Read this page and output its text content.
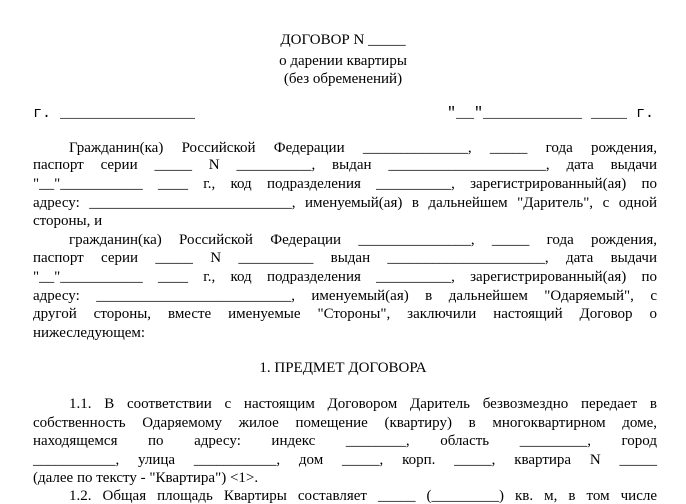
ДОГОВОР N _____
о дарении квартиры
(без обременений)
г. _______________	"__"___________ ____ г.
Гражданин(ка) Российской Федерации ______________, _____ года рождения,
паспорт серии _____ N __________, выдан _____________________, дата выдачи
"__"___________ ____ г., код подразделения __________, зарегистрированный(ая) по
адресу: ___________________________, именуемый(ая) в дальнейшем "Даритель", с одной
стороны, и
гражданин(ка) Российской Федерации _______________, _____ года рождения,
паспорт серии _____ N __________ выдан _____________________, дата выдачи
"__"___________ ____ г., код подразделения __________, зарегистрированный(ая) по
адресу: __________________________, именуемый(ая) в дальнейшем "Одаряемый", с
другой стороны, вместе именуемые "Стороны", заключили настоящий Договор о
нижеследующем:
1. ПРЕДМЕТ ДОГОВОРА
1.1. В соответствии с настоящим Договором Даритель безвозмездно передает в
собственность Одаряемому жилое помещение (квартиру) в многоквартирном доме,
находящемся по адресу: индекс ________, область _________, город
___________, улица ___________, дом _____, корп. _____, квартира N _____
(далее по тексту - "Квартира") <1>.
1.2. Общая площадь Квартиры составляет _____ (_________) кв. м, в том числе
